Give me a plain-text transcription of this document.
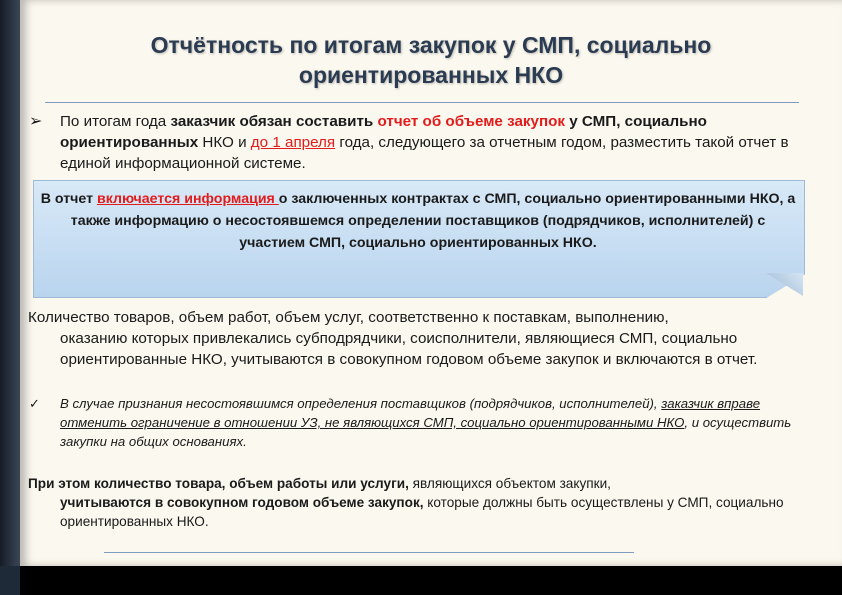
Отчётность по итогам закупок у СМП, социально
ориентированных НКО
➢ По итогам года заказчик обязан составить отчет об объеме закупок у СМП, социально ориентированных НКО и до 1 апреля года, следующего за отчетным годом, разместить такой отчет в единой информационной системе.
В отчет включается информация о заключенных контрактах с СМП, социально ориентированными НКО, а также информацию о несостоявшемся определении поставщиков (подрядчиков, исполнителей) с участием СМП, социально ориентированных НКО.
Количество товаров, объем работ, объем услуг, соответственно к поставкам, выполнению,
оказанию которых привлекались субподрядчики, соисполнители, являющиеся СМП, социально ориентированные НКО, учитываются в совокупном годовом объеме закупок и включаются в отчет.
✓ В случае признания несостоявшимся определения поставщиков (подрядчиков, исполнителей), заказчик вправе отменить ограничение в отношении УЗ, не являющихся СМП, социально ориентированными НКО, и осуществить закупки на общих основаниях.
При этом количество товара, объем работы или услуги, являющихся объектом закупки,
учитываются в совокупном годовом объеме закупок, которые должны быть осуществлены у СМП, социально ориентированных НКО.
